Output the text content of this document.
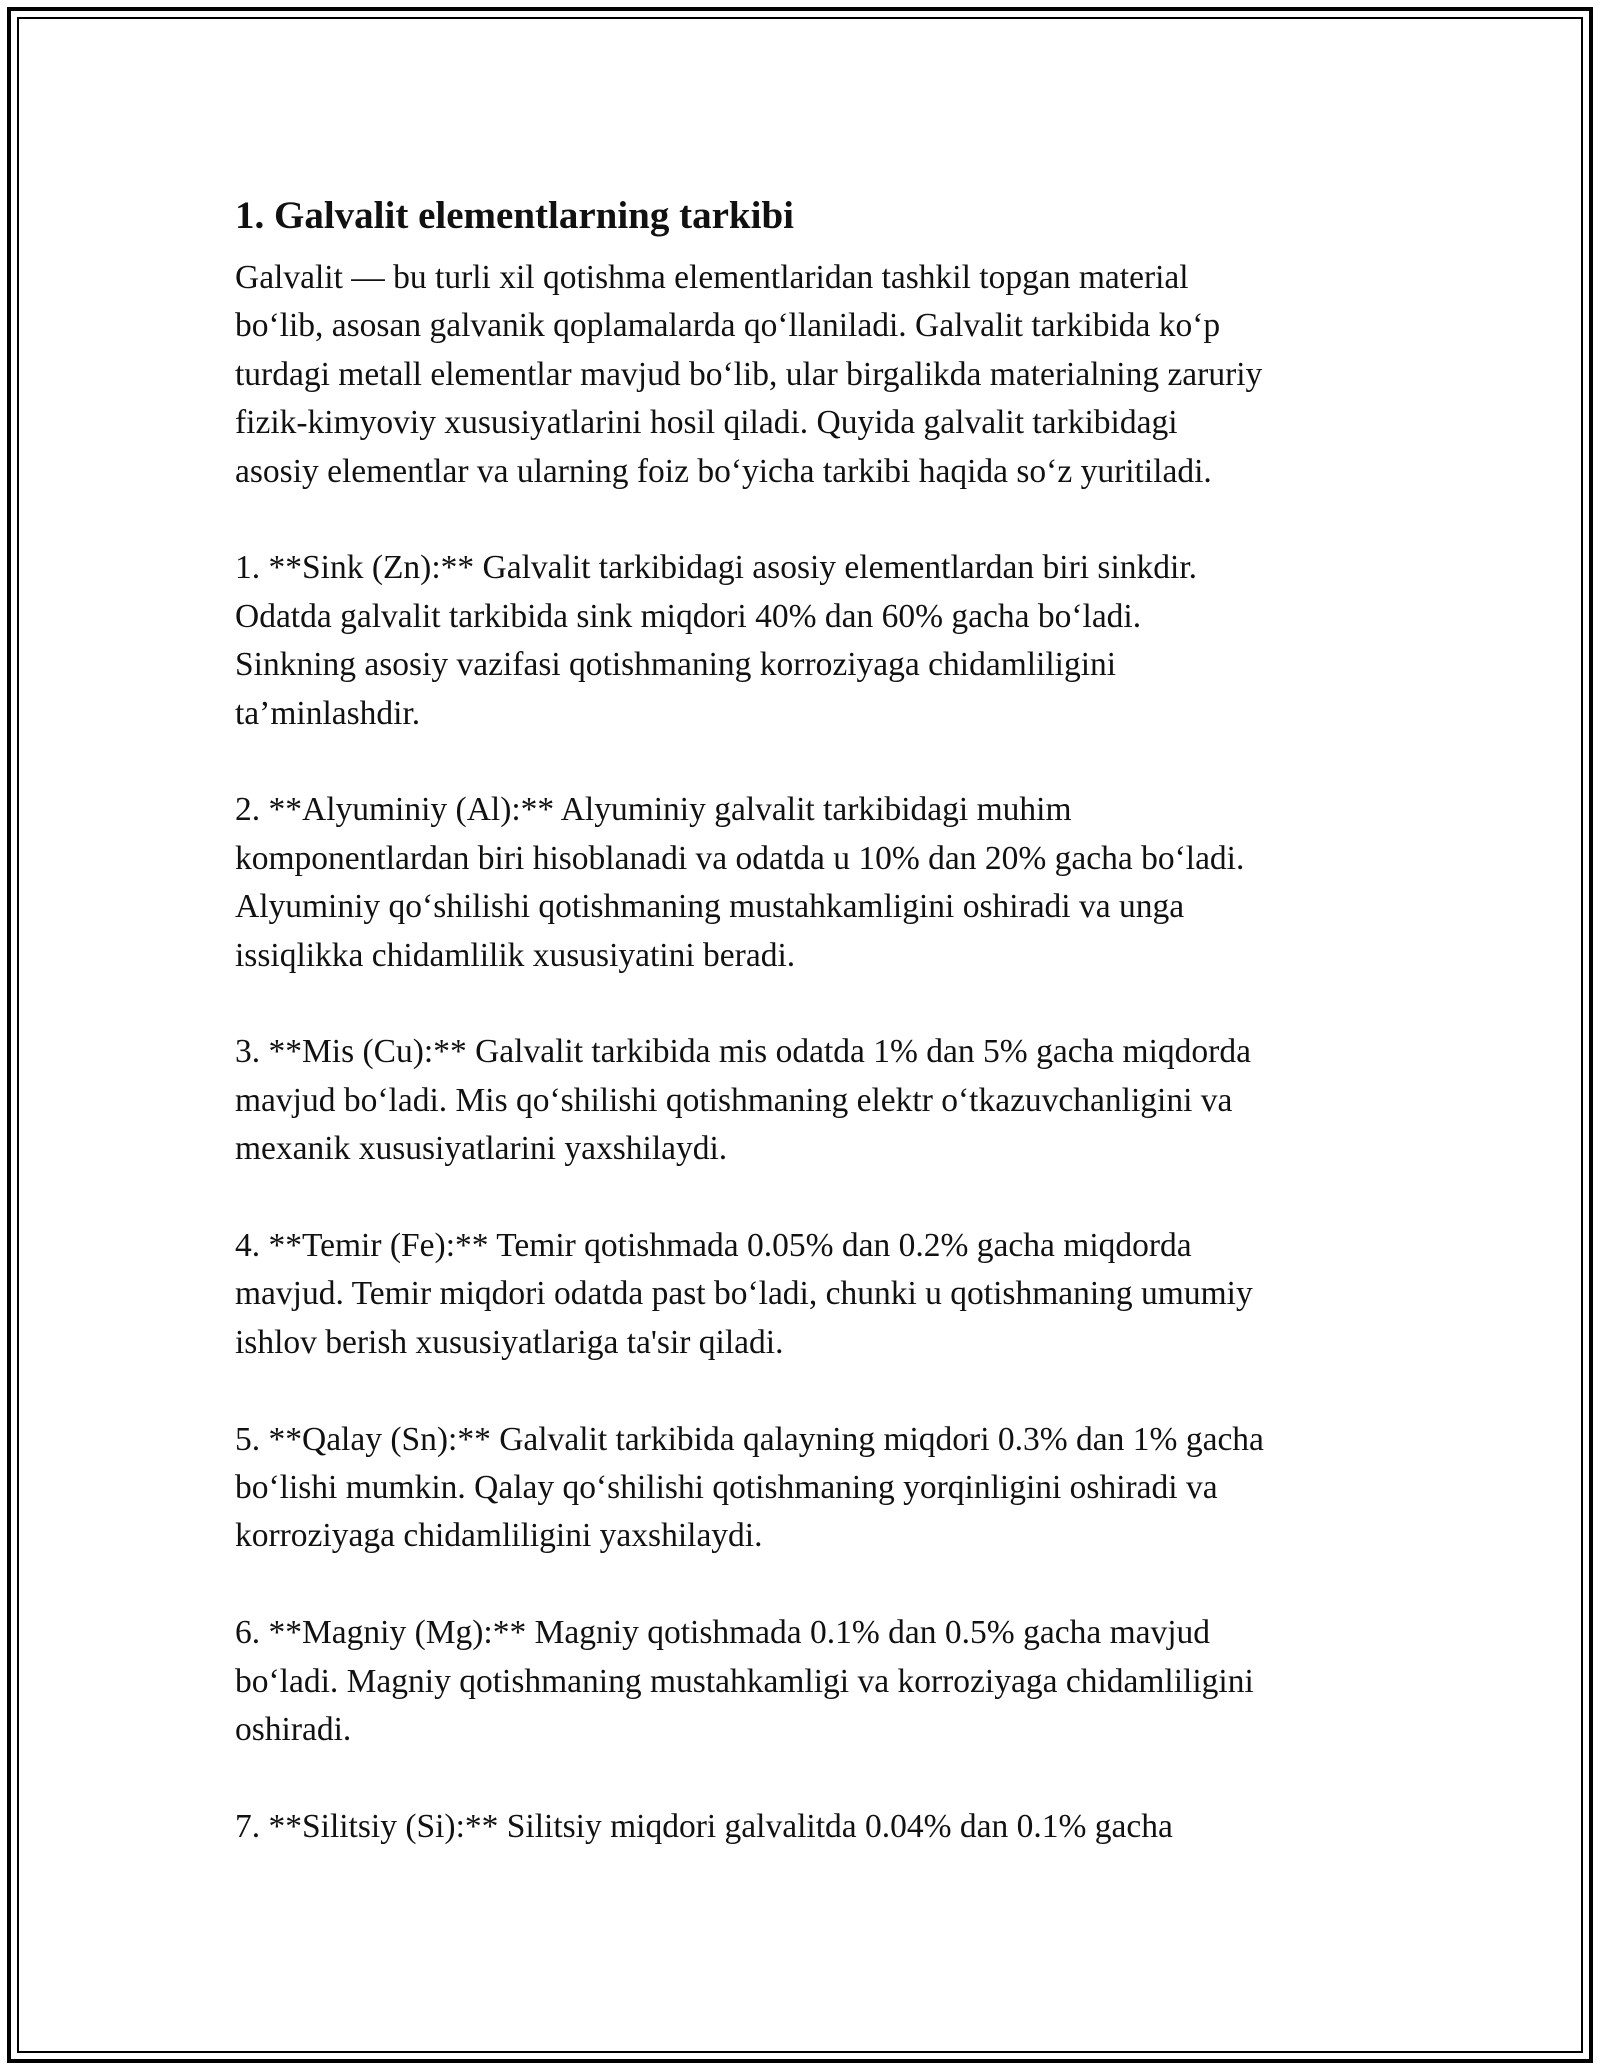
1. Galvalit elementlarning tarkibi
Galvalit — bu turli xil qotishma elementlaridan tashkil topgan material
bo‘lib, asosan galvanik qoplamalarda qo‘llaniladi. Galvalit tarkibida ko‘p
turdagi metall elementlar mavjud bo‘lib, ular birgalikda materialning zaruriy
fizik-kimyoviy xususiyatlarini hosil qiladi. Quyida galvalit tarkibidagi
asosiy elementlar va ularning foiz bo‘yicha tarkibi haqida so‘z yuritiladi.
1. **Sink (Zn):** Galvalit tarkibidagi asosiy elementlardan biri sinkdir.
Odatda galvalit tarkibida sink miqdori 40% dan 60% gacha bo‘ladi.
Sinkning asosiy vazifasi qotishmaning korroziyaga chidamliligini
ta’minlashdir.
2. **Alyuminiy (Al):** Alyuminiy galvalit tarkibidagi muhim
komponentlardan biri hisoblanadi va odatda u 10% dan 20% gacha bo‘ladi.
Alyuminiy qo‘shilishi qotishmaning mustahkamligini oshiradi va unga
issiqlikka chidamlilik xususiyatini beradi.
3. **Mis (Cu):** Galvalit tarkibida mis odatda 1% dan 5% gacha miqdorda
mavjud bo‘ladi. Mis qo‘shilishi qotishmaning elektr o‘tkazuvchanligini va
mexanik xususiyatlarini yaxshilaydi.
4. **Temir (Fe):** Temir qotishmada 0.05% dan 0.2% gacha miqdorda
mavjud. Temir miqdori odatda past bo‘ladi, chunki u qotishmaning umumiy
ishlov berish xususiyatlariga ta'sir qiladi.
5. **Qalay (Sn):** Galvalit tarkibida qalayning miqdori 0.3% dan 1% gacha
bo‘lishi mumkin. Qalay qo‘shilishi qotishmaning yorqinligini oshiradi va
korroziyaga chidamliligini yaxshilaydi.
6. **Magniy (Mg):** Magniy qotishmada 0.1% dan 0.5% gacha mavjud
bo‘ladi. Magniy qotishmaning mustahkamligi va korroziyaga chidamliligini
oshiradi.
7. **Silitsiy (Si):** Silitsiy miqdori galvalitda 0.04% dan 0.1% gacha
